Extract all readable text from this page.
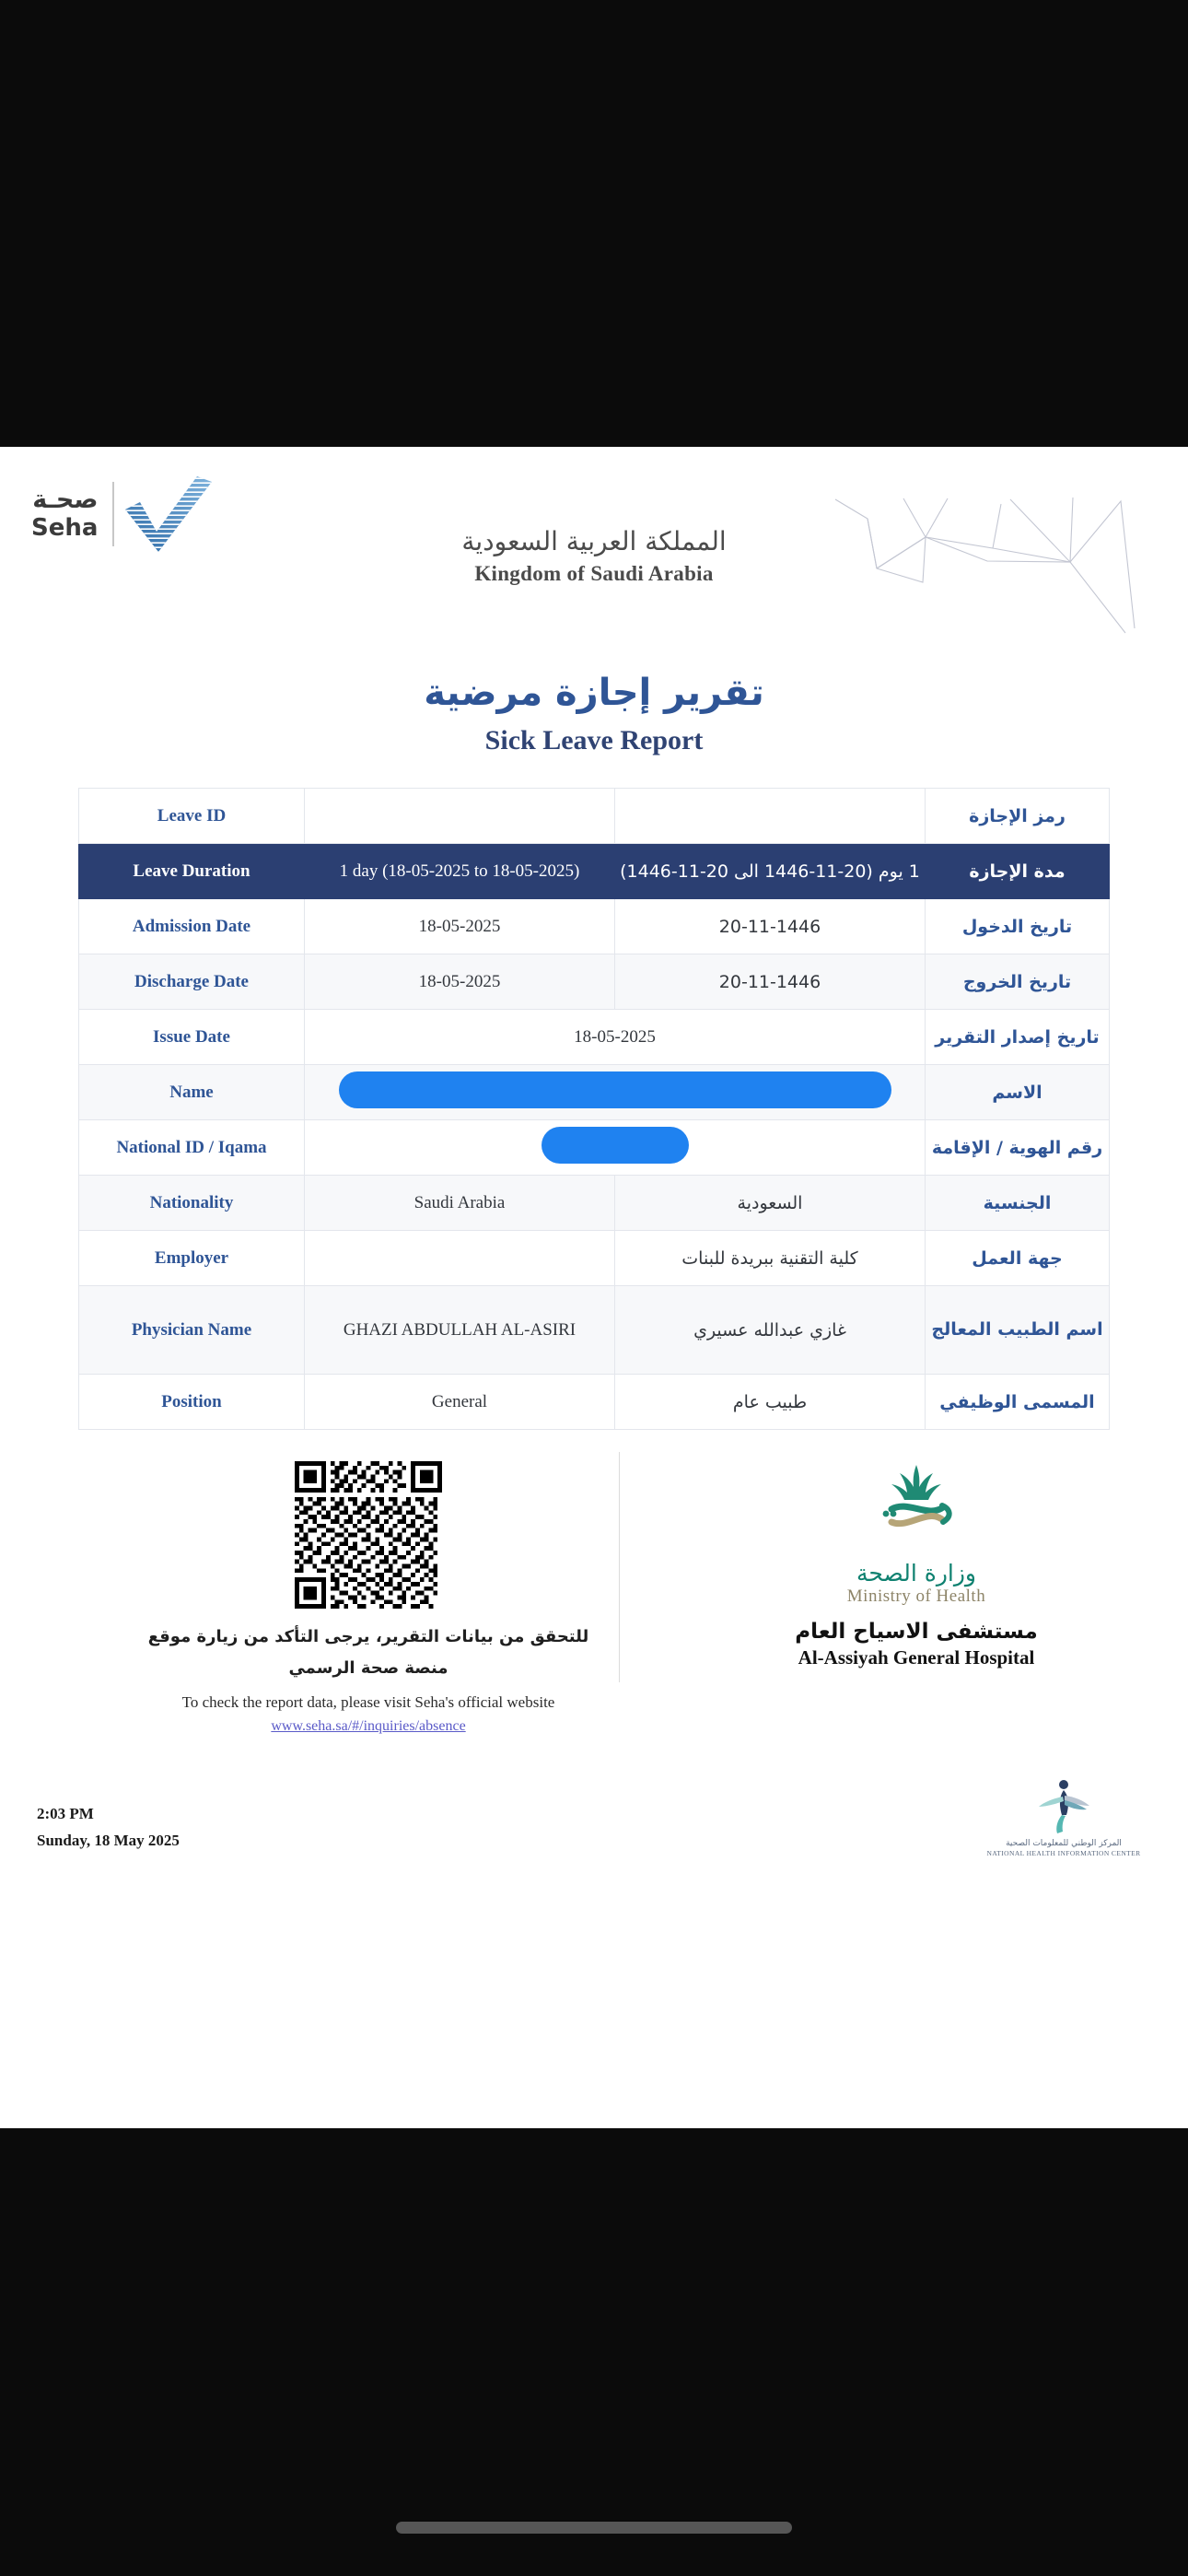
صحـة
Seha	المملكة العربية السعودية
Kingdom of Saudi Arabia
تقرير إجازة مرضية
Sick Leave Report
Leave ID			رمز الإجازة
Leave Duration	1 day (18-05-2025 to 18-05-2025)	1 يوم (20-11-1446 الى 20-11-1446)	مدة الإجازة
Admission Date	18-05-2025	20-11-1446	تاريخ الدخول
Discharge Date	18-05-2025	20-11-1446	تاريخ الخروج
Issue Date	18-05-2025		تاريخ إصدار التقرير
Name			الاسم
National ID / Iqama			رقم الهوية / الإقامة
Nationality	Saudi Arabia	السعودية	الجنسية
Employer		كلية التقنية ببريدة للبنات	جهة العمل
Physician Name	GHAZI ABDULLAH AL-ASIRI	غازي عبدالله عسيري	اسم الطبيب المعالج
Position	General	طبيب عام	المسمى الوظيفي
للتحقق من بيانات التقرير، يرجى التأكد من زيارة موقع منصة صحة الرسمي
To check the report data, please visit Seha's official website
www.seha.sa/#/inquiries/absence
وزارة الصحة
Ministry of Health
مستشفى الاسياح العام
Al-Assiyah General Hospital
2:03 PM
Sunday, 18 May 2025	المركز الوطني للمعلومات الصحية
NATIONAL HEALTH INFORMATION CENTER
